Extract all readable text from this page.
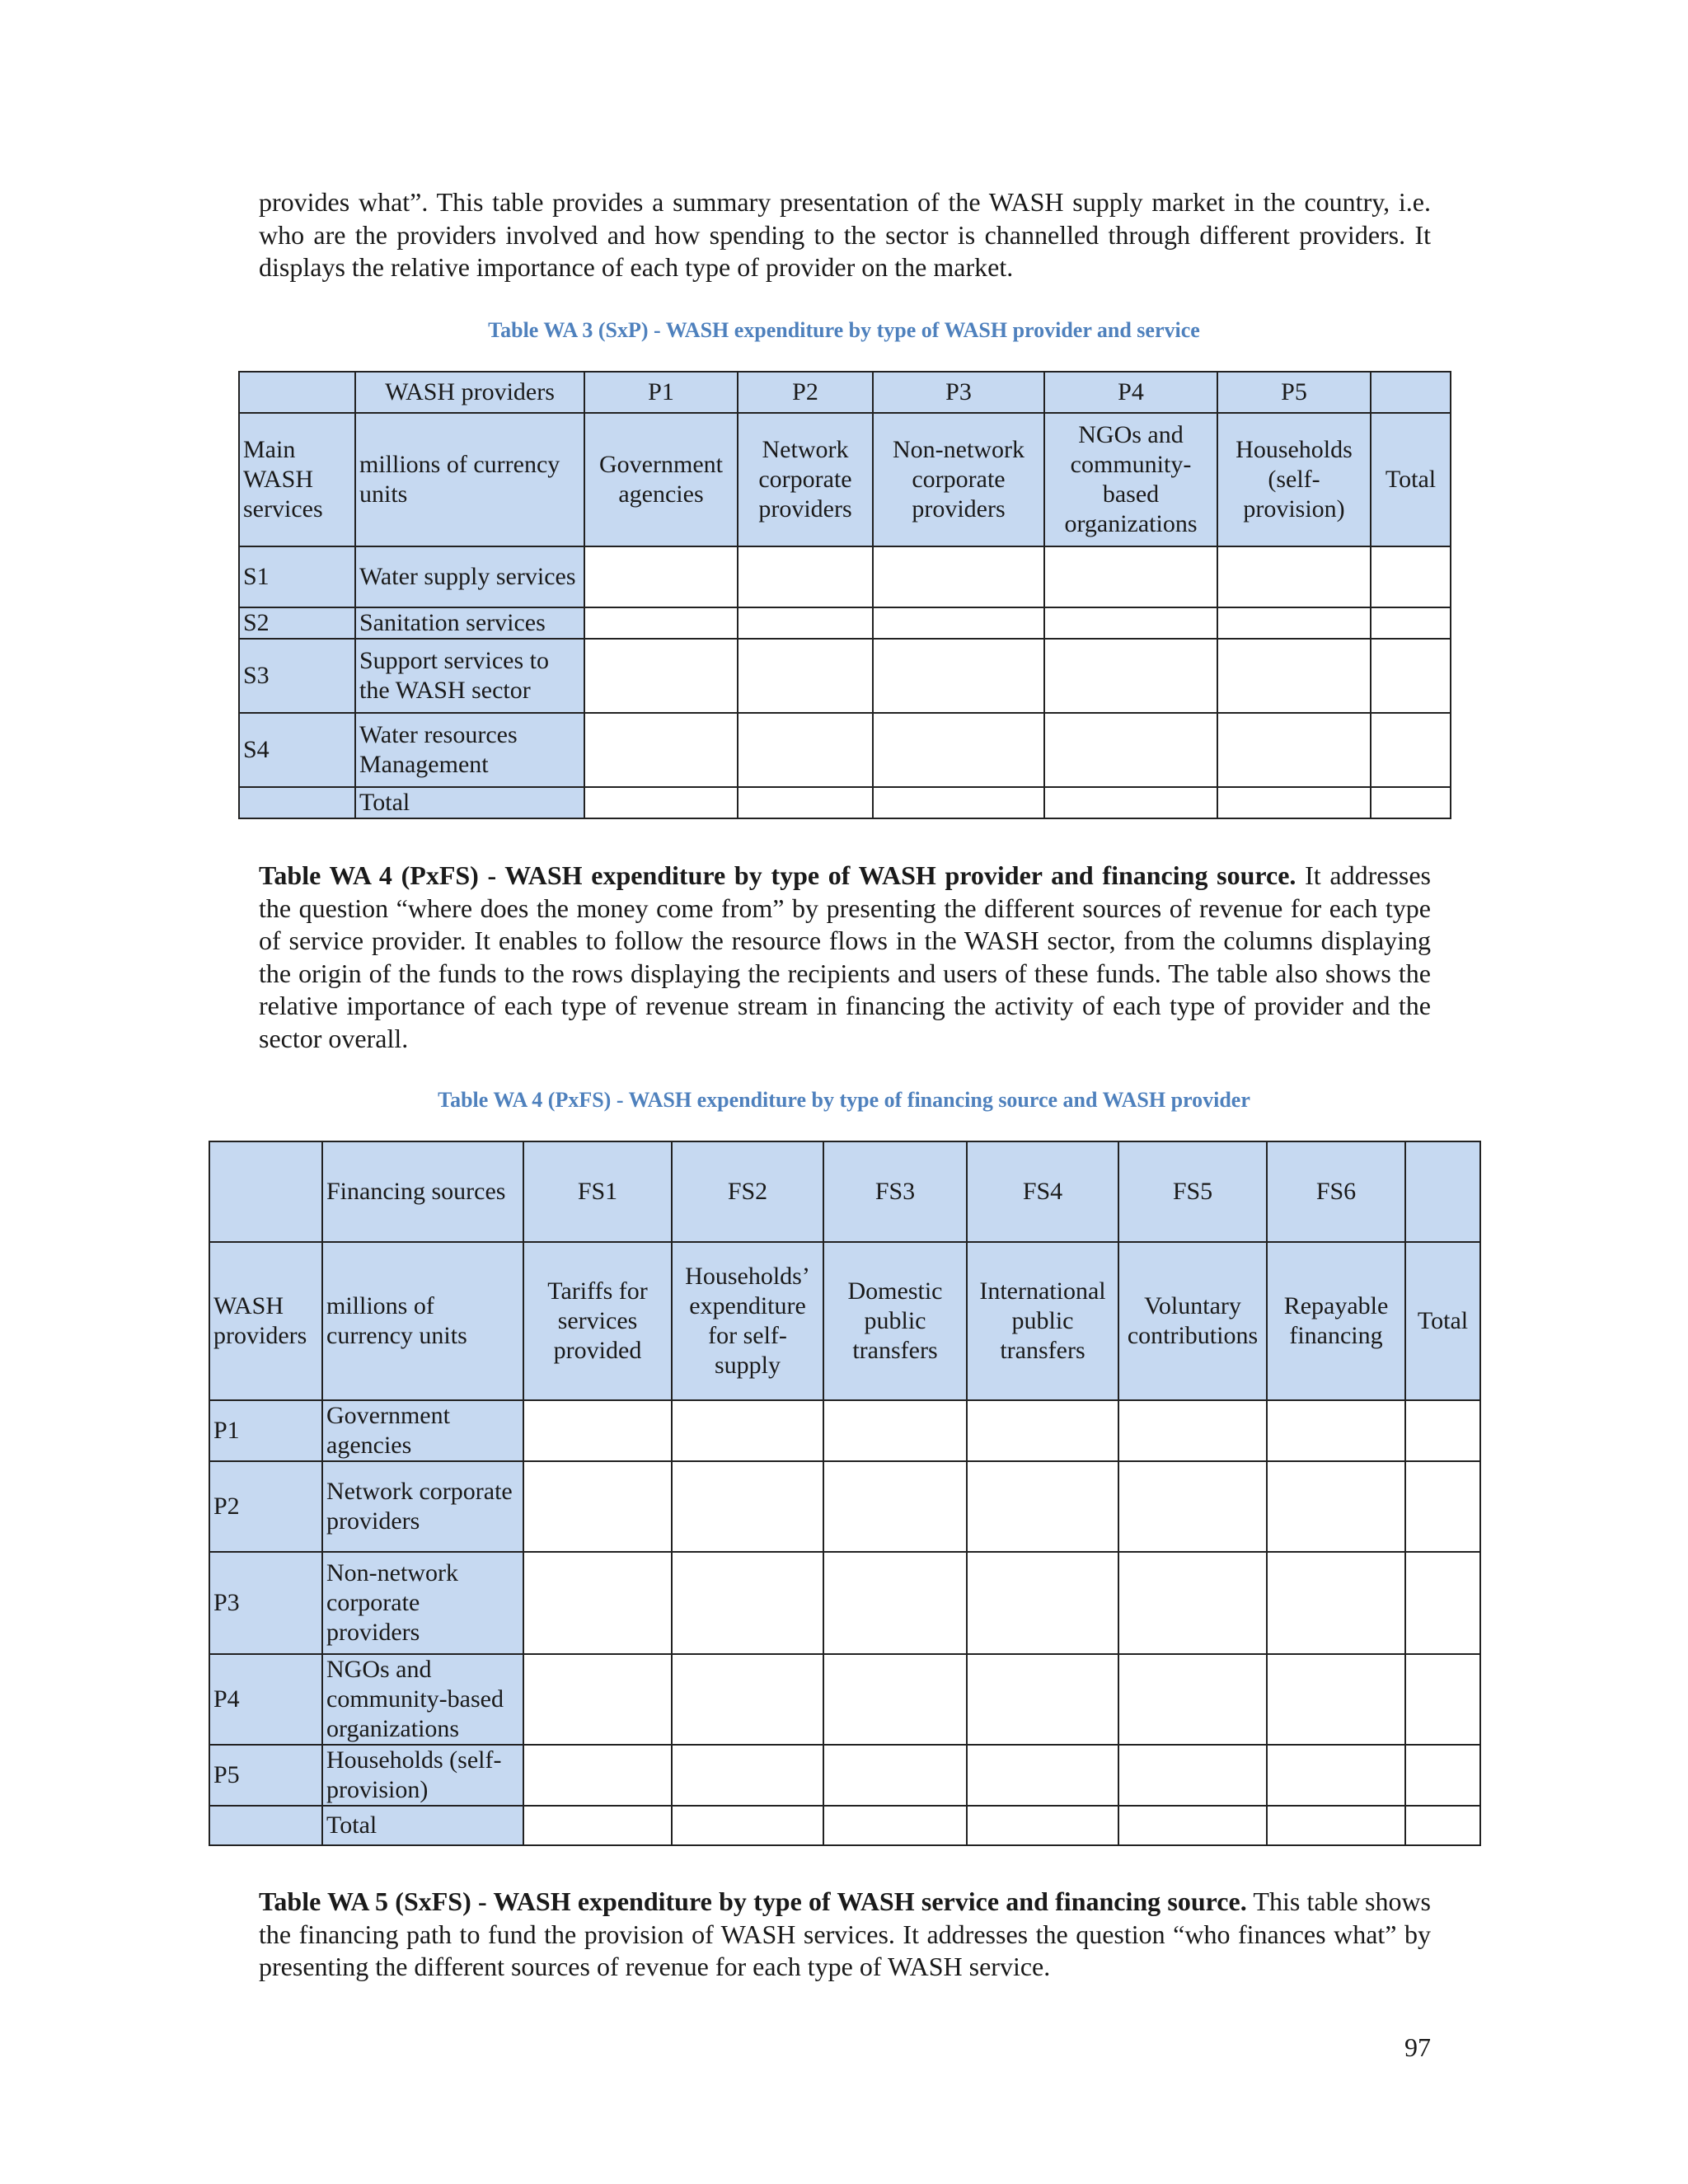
provides what”. This table provides a summary presentation of the WASH supply market in the country, i.e. who are the providers involved and how spending to the sector is channelled through different providers. It displays the relative importance of each type of provider on the market.

Table WA 3 (SxP) - WASH expenditure by type of WASH provider and service

	WASH providers	P1	P2	P3	P4	P5	
Main WASH services	millions of currency units	Government agencies	Network corporate providers	Non-network corporate providers	NGOs and community-based organizations	Households (self-provision)	Total
S1	Water supply services						
S2	Sanitation services						
S3	Support services to the WASH sector						
S4	Water resources Management						
	Total						

Table WA 4 (PxFS) - WASH expenditure by type of WASH provider and financing source. It addresses the question “where does the money come from” by presenting the different sources of revenue for each type of service provider. It enables to follow the resource flows in the WASH sector, from the columns displaying the origin of the funds to the rows displaying the recipients and users of these funds. The table also shows the relative importance of each type of revenue stream in financing the activity of each type of provider and the sector overall.

Table WA 4 (PxFS) - WASH expenditure by type of financing source and WASH provider

	Financing sources	FS1	FS2	FS3	FS4	FS5	FS6	
WASH providers	millions of currency units	Tariffs for services provided	Households’ expenditure for self-supply	Domestic public transfers	International public transfers	Voluntary contributions	Repayable financing	Total
P1	Government agencies							
P2	Network corporate providers							
P3	Non-network corporate providers							
P4	NGOs and community-based organizations							
P5	Households (self-provision)							
	Total							

Table WA 5 (SxFS) - WASH expenditure by type of WASH service and financing source. This table shows the financing path to fund the provision of WASH services. It addresses the question “who finances what” by presenting the different sources of revenue for each type of WASH service.

97
